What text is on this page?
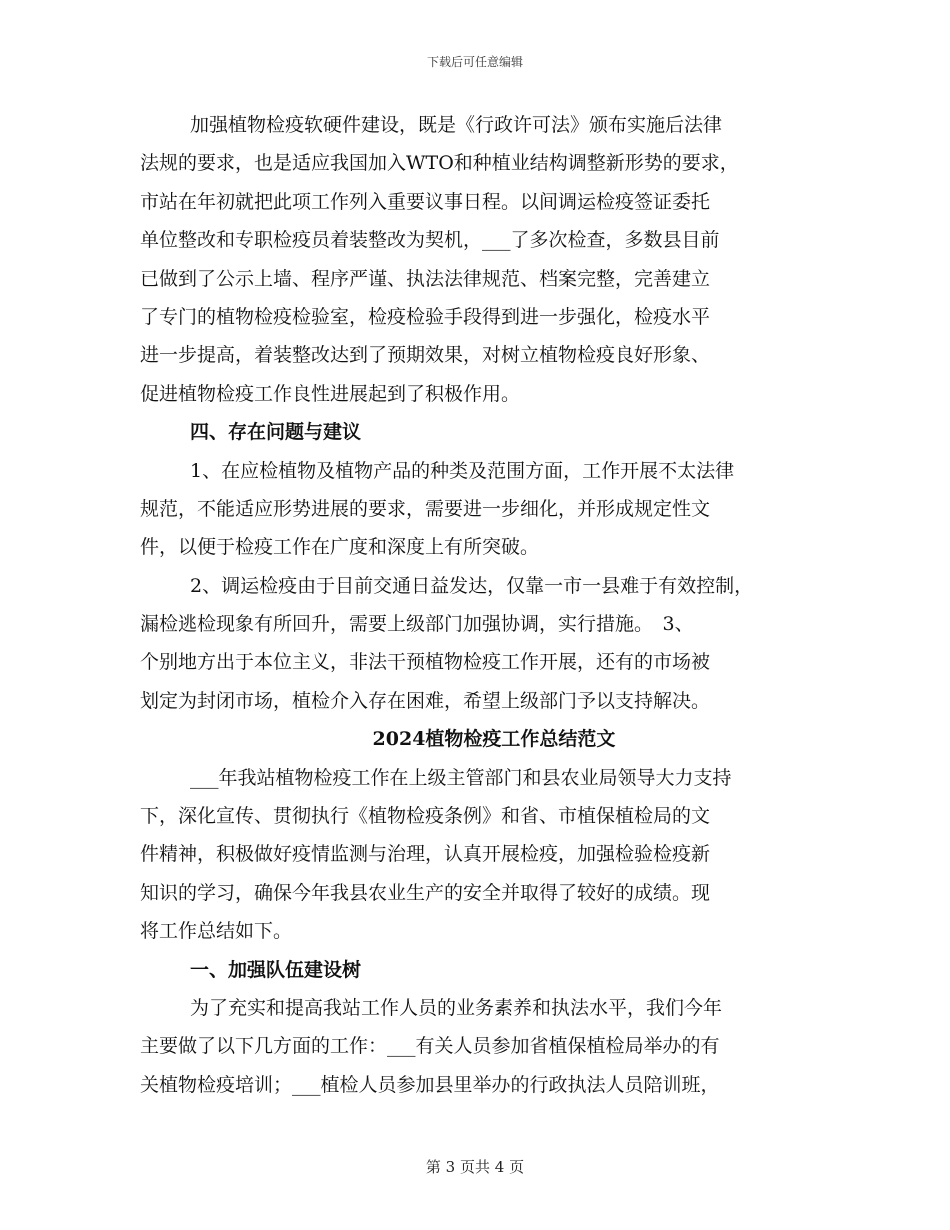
下载后可任意编辑
加强植物检疫软硬件建设，既是《行政许可法》颁布实施后法律
法规的要求，也是适应我国加入WTO和种植业结构调整新形势的要求，
市站在年初就把此项工作列入重要议事日程。以间调运检疫签证委托
单位整改和专职检疫员着装整改为契机，___了多次检查，多数县目前
已做到了公示上墙、程序严谨、执法法律规范、档案完整，完善建立
了专门的植物检疫检验室，检疫检验手段得到进一步强化，检疫水平
进一步提高，着装整改达到了预期效果，对树立植物检疫良好形象、
促进植物检疫工作良性进展起到了积极作用。
四、存在问题与建议
1、在应检植物及植物产品的种类及范围方面，工作开展不太法律
规范，不能适应形势进展的要求，需要进一步细化，并形成规定性文
件，以便于检疫工作在广度和深度上有所突破。
2、调运检疫由于目前交通日益发达，仅靠一市一县难于有效控制，
漏检逃检现象有所回升，需要上级部门加强协调，实行措施。　3、
个别地方出于本位主义，非法干预植物检疫工作开展，还有的市场被
划定为封闭市场，植检介入存在困难，希望上级部门予以支持解决。
2024植物检疫工作总结范文
___年我站植物检疫工作在上级主管部门和县农业局领导大力支持
下，深化宣传、贯彻执行《植物检疫条例》和省、市植保植检局的文
件精神，积极做好疫情监测与治理，认真开展检疫，加强检验检疫新
知识的学习，确保今年我县农业生产的安全并取得了较好的成绩。现
将工作总结如下。
一、加强队伍建设树
为了充实和提高我站工作人员的业务素养和执法水平，我们今年
主要做了以下几方面的工作：___有关人员参加省植保植检局举办的有
关植物检疫培训；___植检人员参加县里举办的行政执法人员陪训班，
第 3 页共 4 页
